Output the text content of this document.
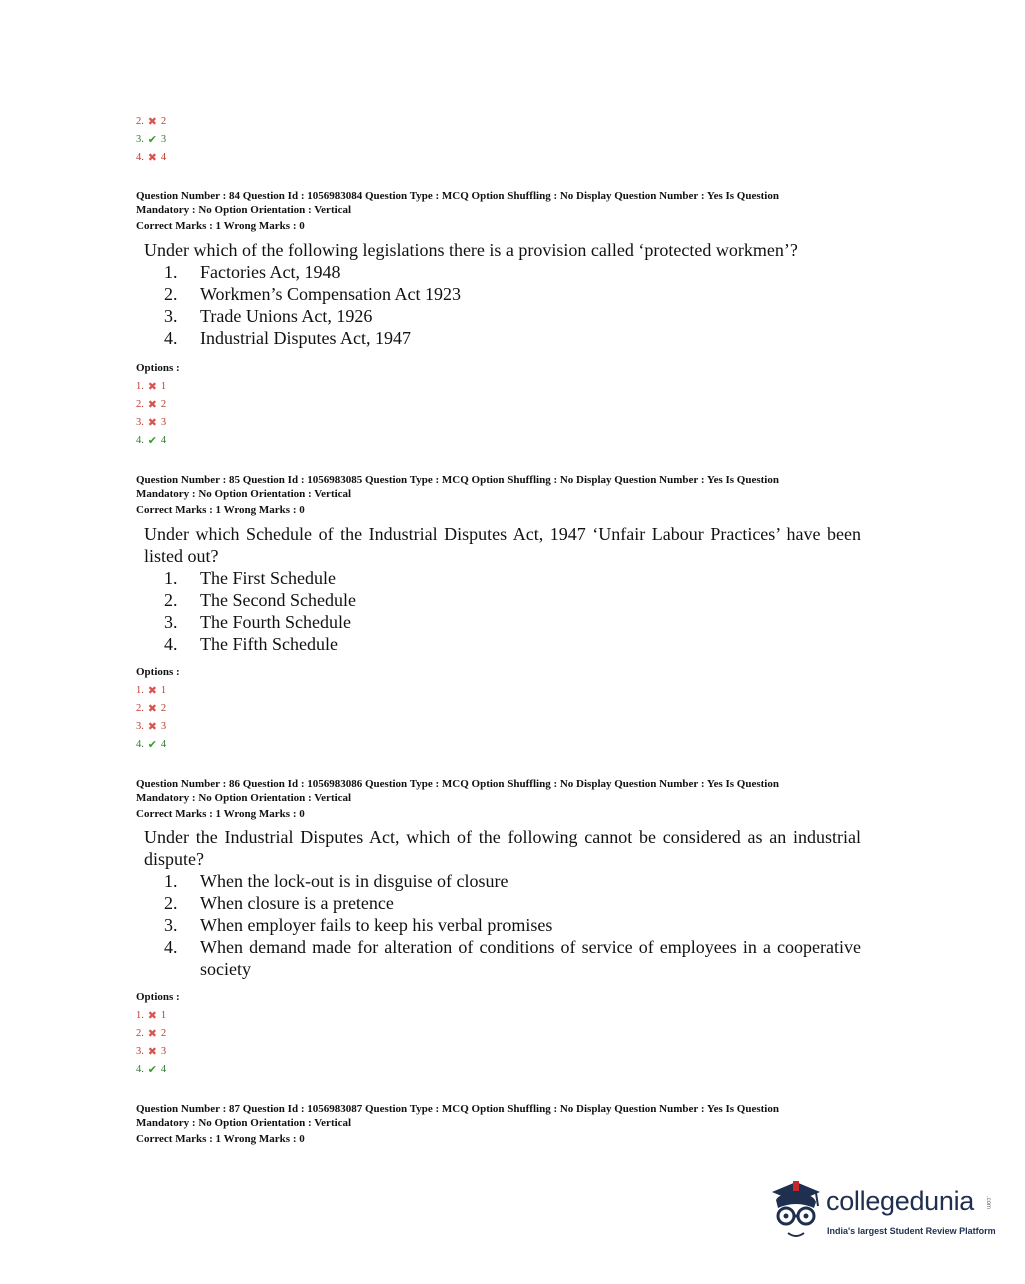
2. ✖ 2
3. ✔ 3
4. ✖ 4
Question Number : 84 Question Id : 1056983084 Question Type : MCQ Option Shuffling : No Display Question Number : Yes Is Question
Mandatory : No Option Orientation : Vertical
Correct Marks : 1 Wrong Marks : 0
Under which of the following legislations there is a provision called ‘protected workmen’?
1.	Factories Act, 1948
2.	Workmen’s Compensation Act 1923
3.	Trade Unions Act, 1926
4.	Industrial Disputes Act, 1947
Options :
1. ✖ 1
2. ✖ 2
3. ✖ 3
4. ✔ 4
Question Number : 85 Question Id : 1056983085 Question Type : MCQ Option Shuffling : No Display Question Number : Yes Is Question
Mandatory : No Option Orientation : Vertical
Correct Marks : 1 Wrong Marks : 0
Under which Schedule of the Industrial Disputes Act, 1947 ‘Unfair Labour Practices’ have been listed out?
1.	The First Schedule
2.	The Second Schedule
3.	The Fourth Schedule
4.	The Fifth Schedule
Options :
1. ✖ 1
2. ✖ 2
3. ✖ 3
4. ✔ 4
Question Number : 86 Question Id : 1056983086 Question Type : MCQ Option Shuffling : No Display Question Number : Yes Is Question
Mandatory : No Option Orientation : Vertical
Correct Marks : 1 Wrong Marks : 0
Under the Industrial Disputes Act, which of the following cannot be considered as an industrial dispute?
1.	When the lock-out is in disguise of closure
2.	When closure is a pretence
3.	When employer fails to keep his verbal promises
4.	When demand made for alteration of conditions of service of employees in a cooperative society
Options :
1. ✖ 1
2. ✖ 2
3. ✖ 3
4. ✔ 4
Question Number : 87 Question Id : 1056983087 Question Type : MCQ Option Shuffling : No Display Question Number : Yes Is Question
Mandatory : No Option Orientation : Vertical
Correct Marks : 1 Wrong Marks : 0
collegedunia .com
India's largest Student Review Platform
